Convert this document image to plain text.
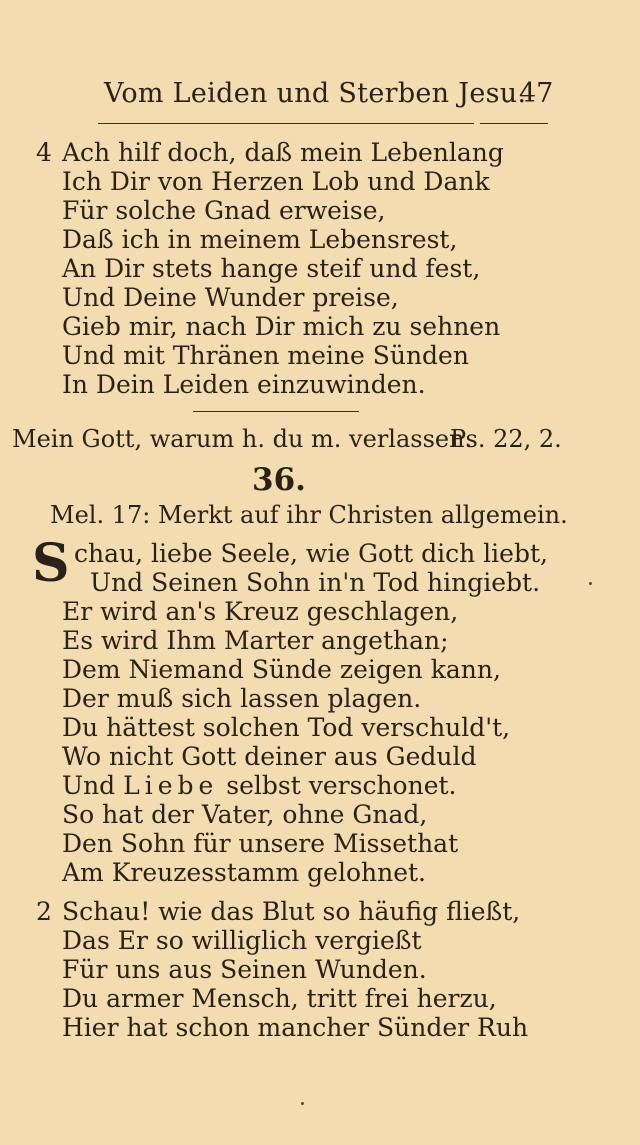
Vom Leiden und Sterben Jesu.
47
4 Ach hilf doch, daß mein Lebenlang
Ich Dir von Herzen Lob und Dank
Für solche Gnad erweise,
Daß ich in meinem Lebensrest,
An Dir stets hange steif und fest,
Und Deine Wunder preise,
Gieb mir, nach Dir mich zu sehnen
Und mit Thränen meine Sünden
In Dein Leiden einzuwinden.
Mein Gott, warum h. du m. verlassen.
Ps. 22, 2.
36.
Mel. 17: Merkt auf ihr Christen allgemein.
S chau, liebe Seele, wie Gott dich liebt,
Und Seinen Sohn in'n Tod hingiebt.
Er wird an's Kreuz geschlagen,
Es wird Ihm Marter angethan;
Dem Niemand Sünde zeigen kann,
Der muß sich lassen plagen.
Du hättest solchen Tod verschuld't,
Wo nicht Gott deiner aus Geduld
Und Liebe selbst verschonet.
So hat der Vater, ohne Gnad,
Den Sohn für unsere Missethat
Am Kreuzesstamm gelohnet.
2 Schau! wie das Blut so häufig fließt,
Das Er so williglich vergießt
Für uns aus Seinen Wunden.
Du armer Mensch, tritt frei herzu,
Hier hat schon mancher Sünder Ruh
